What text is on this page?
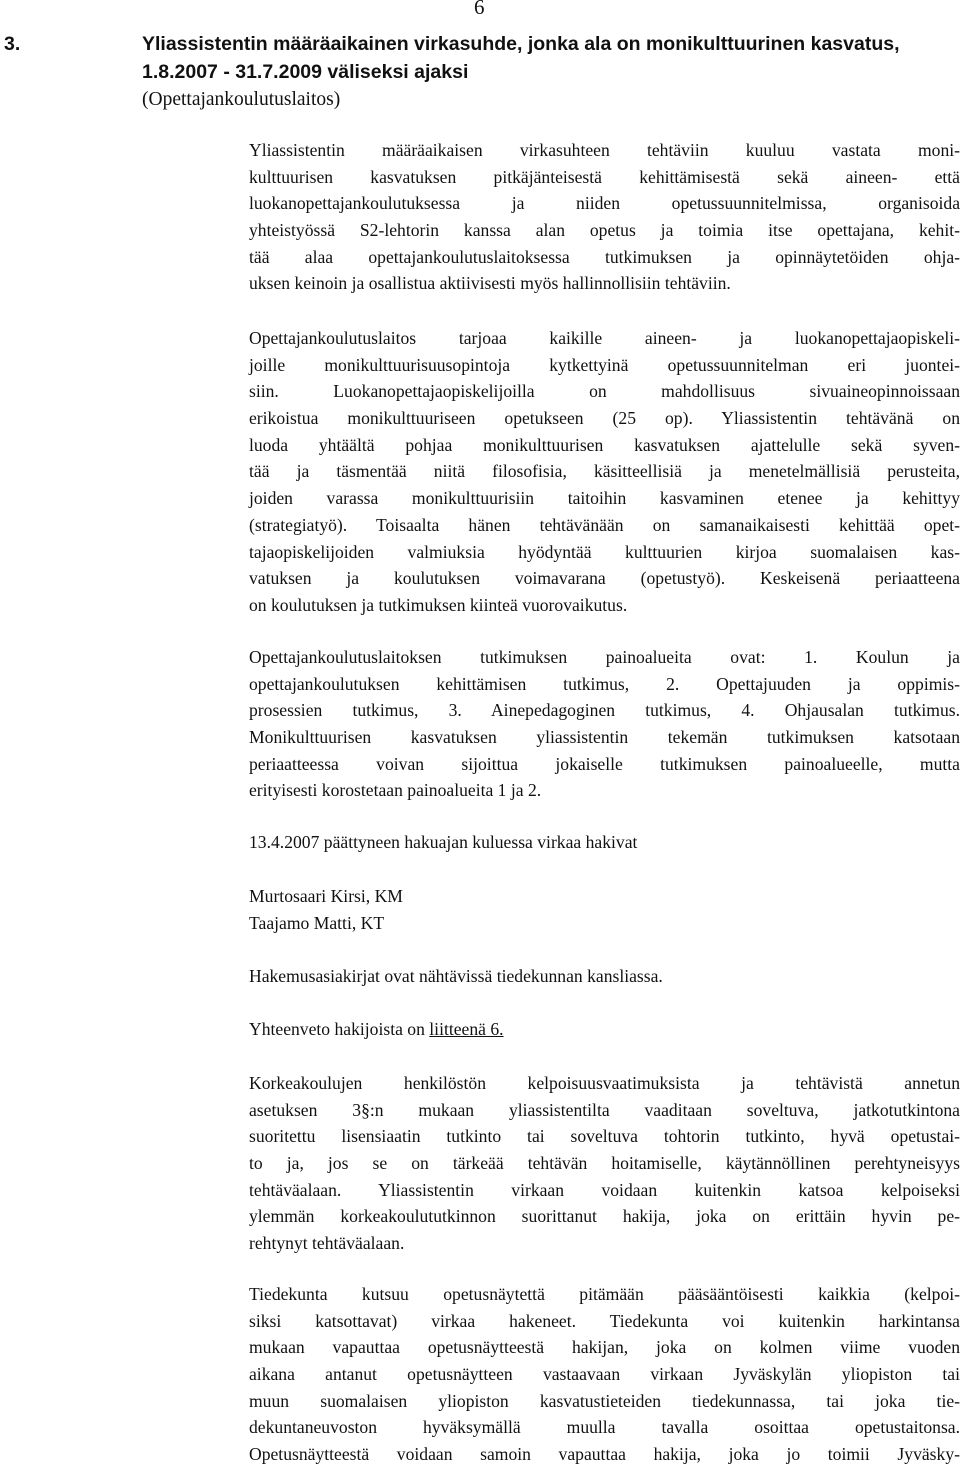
6
3.	Yliassistentin määräaikainen virkasuhde, jonka ala on monikulttuurinen kasvatus,
1.8.2007 - 31.7.2009 väliseksi ajaksi
(Opettajankoulutuslaitos)
Yliassistentin määräaikaisen virkasuhteen tehtäviin kuuluu vastata moni-
kulttuurisen kasvatuksen pitkäjänteisestä kehittämisestä sekä aineen- että
luokanopettajankoulutuksessa ja niiden opetussuunnitelmissa, organisoida
yhteistyössä S2-lehtorin kanssa alan opetus ja toimia itse opettajana, kehit-
tää alaa opettajankoulutuslaitoksessa tutkimuksen ja opinnäytetöiden ohja-
uksen keinoin ja osallistua aktiivisesti myös hallinnollisiin tehtäviin.
Opettajankoulutuslaitos tarjoaa kaikille aineen- ja luokanopettajaopiskeli-
joille monikulttuurisuusopintoja kytkettyinä opetussuunnitelman eri juontei-
siin. Luokanopettajaopiskelijoilla on mahdollisuus sivuaineopinnoissaan
erikoistua monikulttuuriseen opetukseen (25 op). Yliassistentin tehtävänä on
luoda yhtäältä pohjaa monikulttuurisen kasvatuksen ajattelulle sekä syven-
tää ja täsmentää niitä filosofisia, käsitteellisiä ja menetelmällisiä perusteita,
joiden varassa monikulttuurisiin taitoihin kasvaminen etenee ja kehittyy
(strategiatyö). Toisaalta hänen tehtävänään on samanaikaisesti kehittää opet-
tajaopiskelijoiden valmiuksia hyödyntää kulttuurien kirjoa suomalaisen kas-
vatuksen ja koulutuksen voimavarana (opetustyö). Keskeisenä periaatteena
on koulutuksen ja tutkimuksen kiinteä vuorovaikutus.
Opettajankoulutuslaitoksen tutkimuksen painoalueita ovat: 1. Koulun ja
opettajankoulutuksen kehittämisen tutkimus, 2. Opettajuuden ja oppimis-
prosessien tutkimus, 3. Ainepedagoginen tutkimus, 4. Ohjausalan tutkimus.
Monikulttuurisen kasvatuksen yliassistentin tekemän tutkimuksen katsotaan
periaatteessa voivan sijoittua jokaiselle tutkimuksen painoalueelle, mutta
erityisesti korostetaan painoalueita 1 ja 2.
13.4.2007 päättyneen hakuajan kuluessa virkaa hakivat
Murtosaari Kirsi, KM
Taajamo Matti, KT
Hakemusasiakirjat ovat nähtävissä tiedekunnan kansliassa.
Yhteenveto hakijoista on liitteenä 6.
Korkeakoulujen henkilöstön kelpoisuusvaatimuksista ja tehtävistä annetun
asetuksen 3§:n mukaan yliassistentilta vaaditaan soveltuva, jatkotutkintona
suoritettu lisensiaatin tutkinto tai soveltuva tohtorin tutkinto, hyvä opetustai-
to ja, jos se on tärkeää tehtävän hoitamiselle, käytännöllinen perehtyneisyys
tehtäväalaan. Yliassistentin virkaan voidaan kuitenkin katsoa kelpoiseksi
ylemmän korkeakoulututkinnon suorittanut hakija, joka on erittäin hyvin pe-
rehtynyt tehtäväalaan.
Tiedekunta kutsuu opetusnäytettä pitämään pääsääntöisesti kaikkia (kelpoi-
siksi katsottavat) virkaa hakeneet. Tiedekunta voi kuitenkin harkintansa
mukaan vapauttaa opetusnäytteestä hakijan, joka on kolmen viime vuoden
aikana antanut opetusnäytteen vastaavaan virkaan Jyväskylän yliopiston tai
muun suomalaisen yliopiston kasvatustieteiden tiedekunnassa, tai joka tie-
dekuntaneuvoston hyväksymällä muulla tavalla osoittaa opetustaitonsa.
Opetusnäytteestä voidaan samoin vapauttaa hakija, joka jo toimii Jyväsky-
